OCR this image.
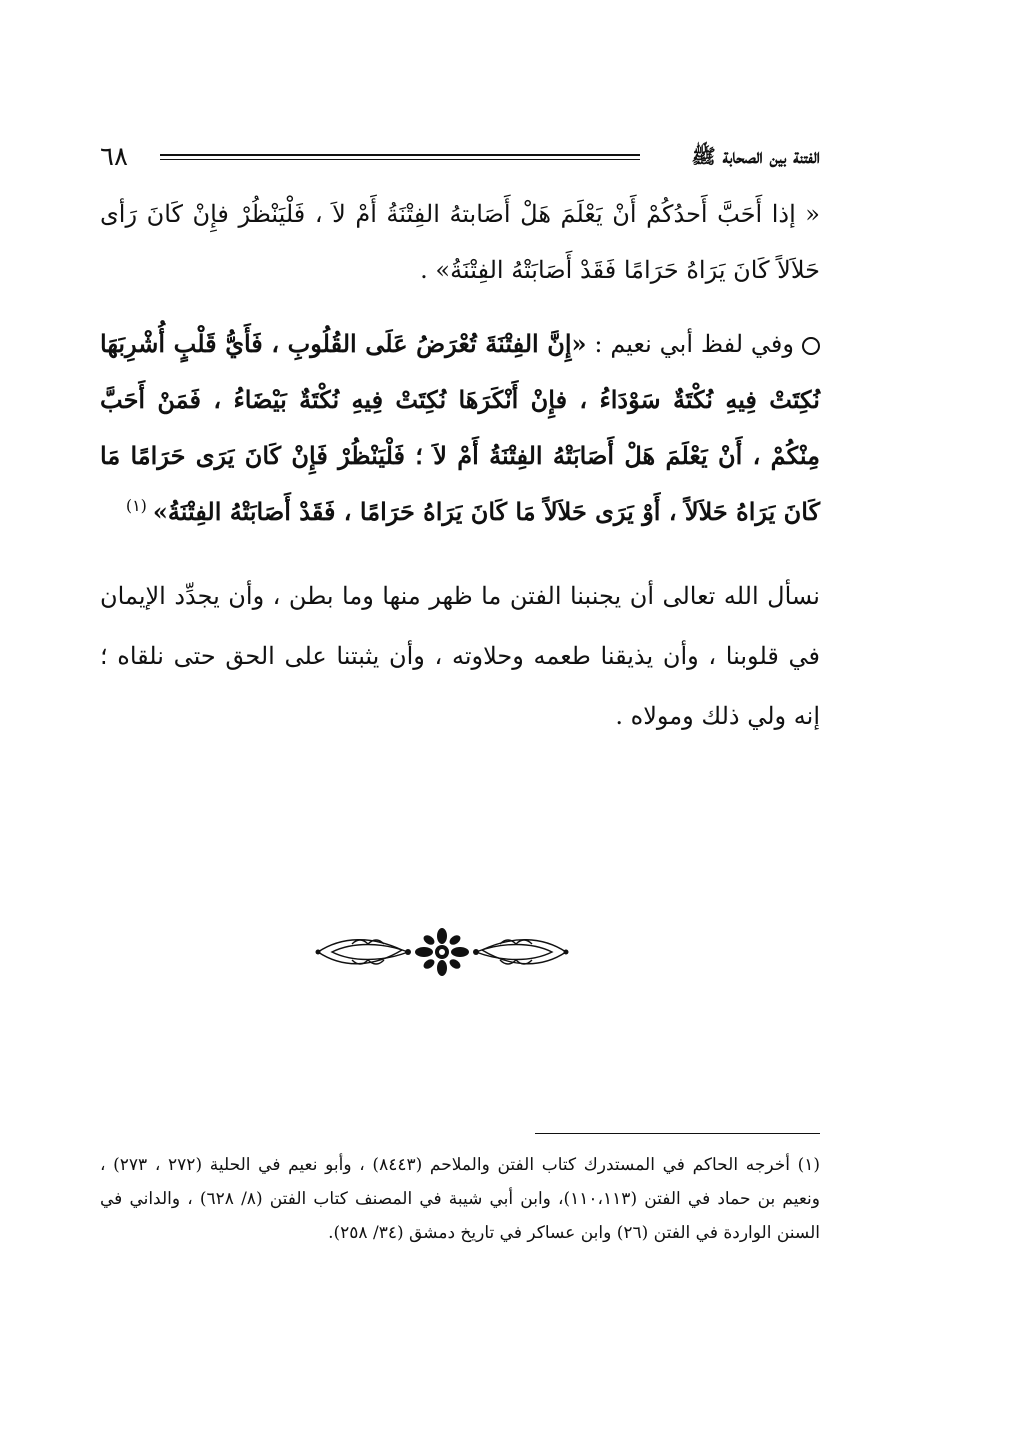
٦٨	الفتنة بين الصحابة ﷺ

« إذا أَحَبَّ أَحدُكُمْ أَنْ يَعْلَمَ هَلْ أَصَابتهُ الفِتْنَةُ أَمْ لاَ ، فَلْيَنْظُرْ فإِنْ كَانَ رَأى حَلاَلاً كَانَ يَرَاهُ حَرَامًا فَقَدْ أَصَابَتْهُ الفِتْنَةُ» .

وفي لفظ أبي نعيم : «إِنَّ الفِتْنَةَ تُعْرَضُ عَلَى القُلُوبِ ، فَأَيُّ قَلْبٍ أُشْرِبَهَا نُكِتَتْ فِيهِ نُكْتَةٌ سَوْدَاءُ ، فإِنْ أَنْكَرَهَا نُكِتَتْ فِيهِ نُكْتَةٌ بَيْضَاءُ ، فَمَنْ أَحَبَّ مِنْكُمْ ، أَنْ يَعْلَمَ هَلْ أَصَابَتْهُ الفِتْنَةُ أَمْ لاَ ؛ فَلْيَنْظُرْ فَإِنْ كَانَ يَرَى حَرَامًا مَا كَانَ يَرَاهُ حَلاَلاً ، أَوْ يَرَى حَلاَلاً مَا كَانَ يَرَاهُ حَرَامًا ، فَقَدْ أَصَابَتْهُ الفِتْنَةُ»$^{(١)}$

نسأل الله تعالى أن يجنبنا الفتن ما ظهر منها وما بطن ، وأن يجدِّد الإيمان في قلوبنا ، وأن يذيقنا طعمه وحلاوته ، وأن يثبتنا على الحق حتى نلقاه ؛ إنه ولي ذلك ومولاه .

(١) أخرجه الحاكم في المستدرك كتاب الفتن والملاحم (٨٤٤٣) ، وأبو نعيم في الحلية (٢٧٢ ، ٢٧٣) ، ونعيم بن حماد في الفتن (١١٠،١١٣)، وابن أبي شيبة في المصنف كتاب الفتن (٨/ ٦٢٨) ، والداني في السنن الواردة في الفتن (٢٦) وابن عساكر في تاريخ دمشق (٣٤/ ٢٥٨).
